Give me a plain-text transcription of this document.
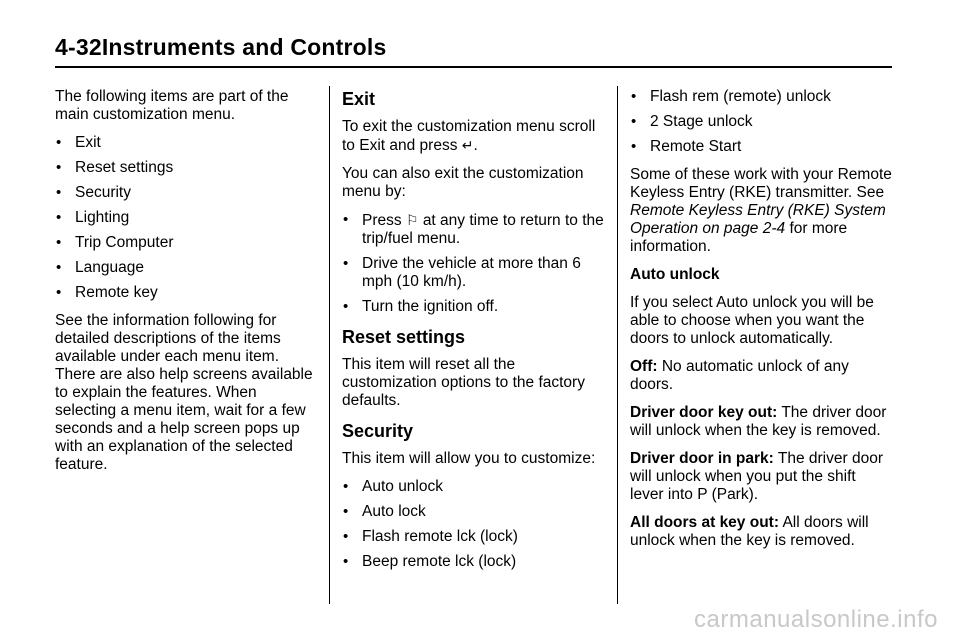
4-32Instruments and Controls

The following items are part of the main customization menu.

• Exit
• Reset settings
• Security
• Lighting
• Trip Computer
• Language
• Remote key

See the information following for detailed descriptions of the items available under each menu item. There are also help screens available to explain the features. When selecting a menu item, wait for a few seconds and a help screen pops up with an explanation of the selected feature.

Exit

To exit the customization menu scroll to Exit and press ↵.

You can also exit the customization menu by:

• Press ⚐ at any time to return to the trip/fuel menu.
• Drive the vehicle at more than 6 mph (10 km/h).
• Turn the ignition off.
Reset settings

This item will reset all the customization options to the factory defaults.

Security

This item will allow you to customize:

• Auto unlock
• Auto lock
• Flash remote lck (lock)
• Beep remote lck (lock)
• Flash rem (remote) unlock
• 2 Stage unlock
• Remote Start

Some of these work with your Remote Keyless Entry (RKE) transmitter. See Remote Keyless Entry (RKE) System Operation on page 2-4 for more information.

Auto unlock

If you select Auto unlock you will be able to choose when you want the doors to unlock automatically.

Off: No automatic unlock of any doors.

Driver door key out: The driver door will unlock when the key is removed.

Driver door in park: The driver door will unlock when you put the shift lever into P (Park).

All doors at key out: All doors will unlock when the key is removed.

carmanualsonline.info
